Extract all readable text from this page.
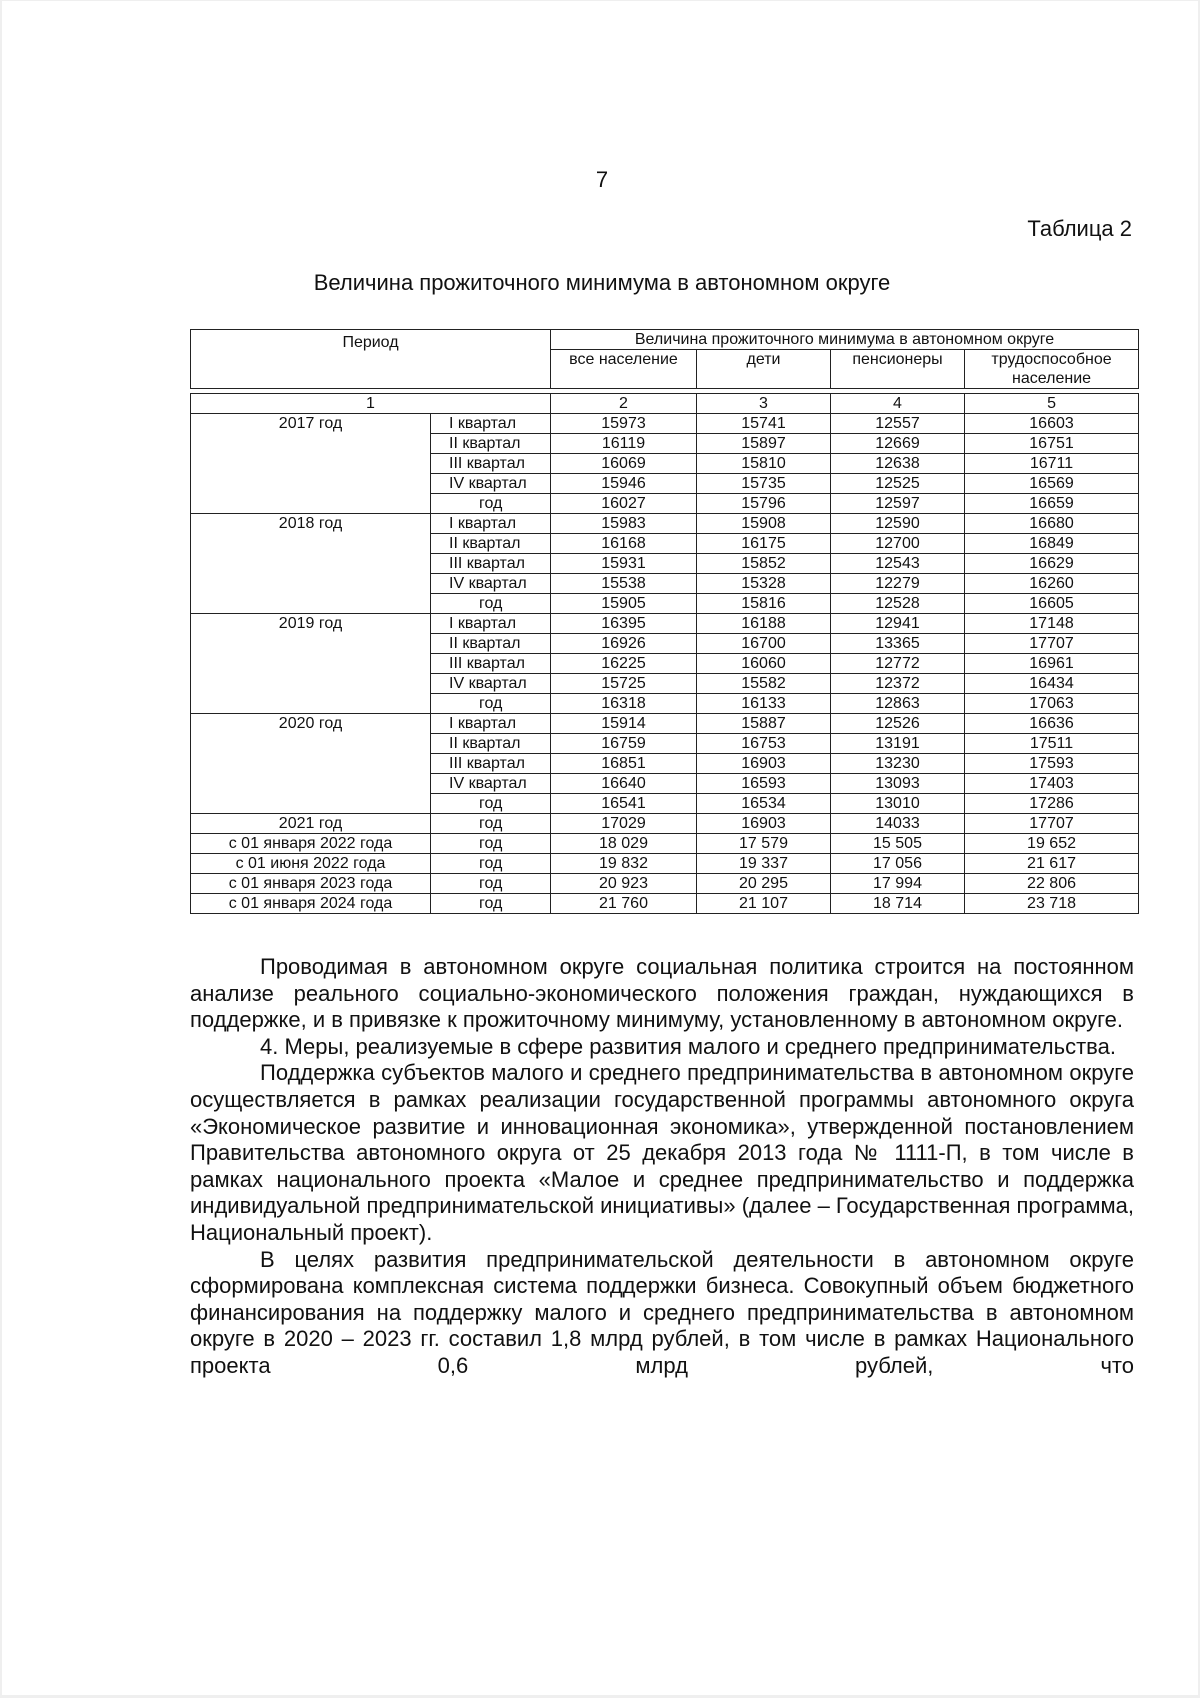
7
Таблица 2
Величина прожиточного минимума в автономном округе
Период		Величина прожиточного минимума в автономном округе			
		все население	дети	пенсионеры	трудоспособное население

1		2	3	4	5
2017 год	I квартал	15973	15741	12557	16603
	II квартал	16119	15897	12669	16751
	III квартал	16069	15810	12638	16711
	IV квартал	15946	15735	12525	16569
	год	16027	15796	12597	16659
2018 год	I квартал	15983	15908	12590	16680
	II квартал	16168	16175	12700	16849
	III квартал	15931	15852	12543	16629
	IV квартал	15538	15328	12279	16260
	год	15905	15816	12528	16605
2019 год	I квартал	16395	16188	12941	17148
	II квартал	16926	16700	13365	17707
	III квартал	16225	16060	12772	16961
	IV квартал	15725	15582	12372	16434
	год	16318	16133	12863	17063
2020 год	I квартал	15914	15887	12526	16636
	II квартал	16759	16753	13191	17511
	III квартал	16851	16903	13230	17593
	IV квартал	16640	16593	13093	17403
	год	16541	16534	13010	17286
2021 год	год	17029	16903	14033	17707
с 01 января 2022 года	год	18 029	17 579	15 505	19 652
с 01 июня 2022 года	год	19 832	19 337	17 056	21 617
с 01 января 2023 года	год	20 923	20 295	17 994	22 806
с 01 января 2024 года	год	21 760	21 107	18 714	23 718

Проводимая в автономном округе социальная политика строится на постоянном анализе реального социально-экономического положения граждан, нуждающихся в поддержке, и в привязке к прожиточному минимуму, установленному в автономном округе.

4. Меры, реализуемые в сфере развития малого и среднего предпринимательства.

Поддержка субъектов малого и среднего предпринимательства в автономном округе осуществляется в рамках реализации государственной программы автономного округа «Экономическое развитие и инновационная экономика», утвержденной постановлением Правительства автономного округа от 25 декабря 2013 года № 1111-П, в том числе в рамках национального проекта «Малое и среднее предпринимательство и поддержка индивидуальной предпринимательской инициативы» (далее – Государственная программа, Национальный проект).

В целях развития предпринимательской деятельности в автономном округе сформирована комплексная система поддержки бизнеса. Совокупный объем бюджетного финансирования на поддержку малого и среднего предпринимательства в автономном округе в 2020 – 2023 гг. составил 1,8 млрд рублей, в том числе в рамках Национального проекта 0,6 млрд рублей, что
